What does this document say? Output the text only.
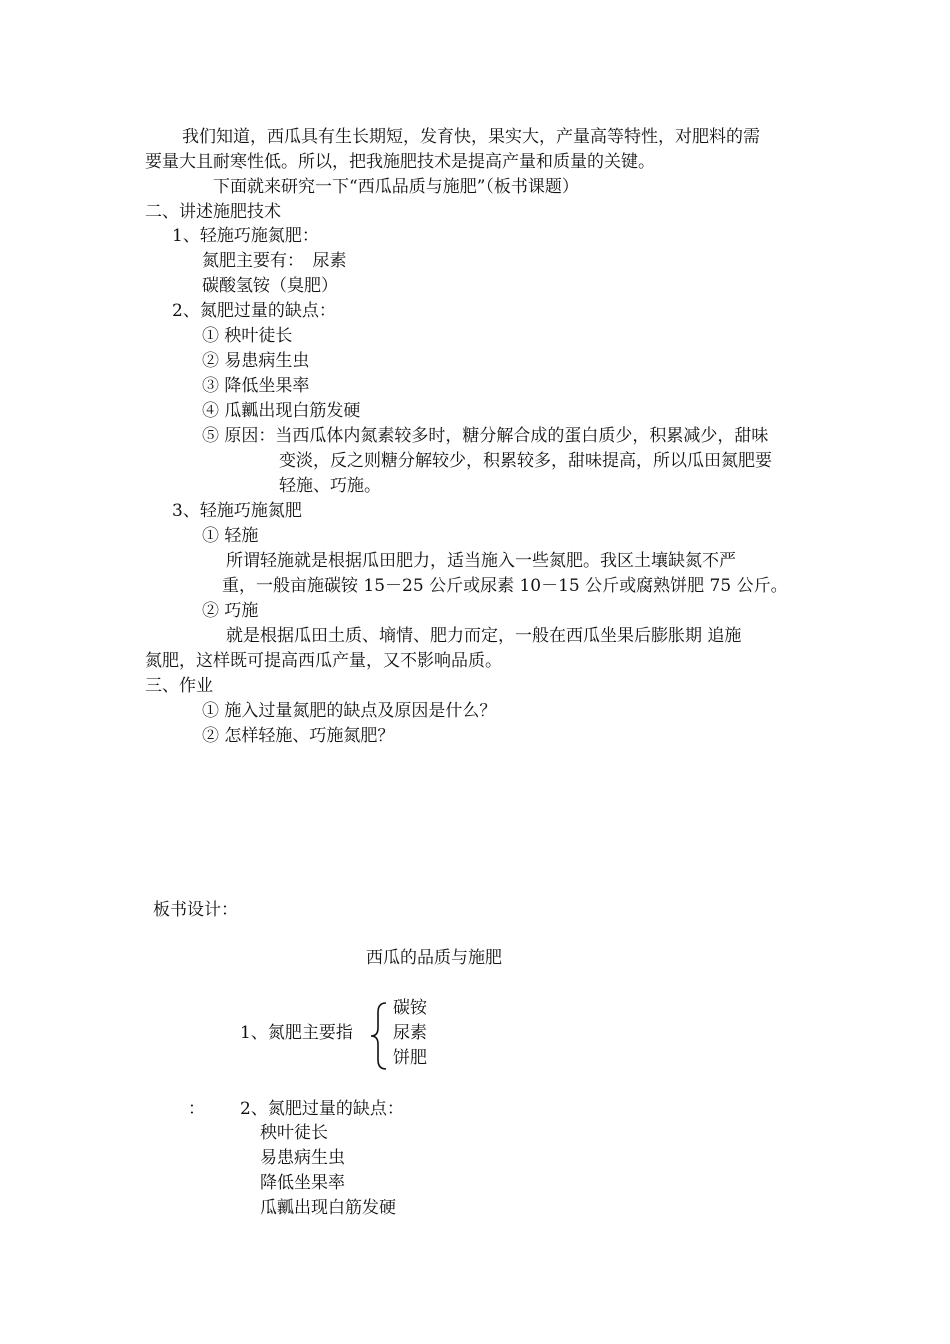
我们知道，西瓜具有生长期短，发育快，果实大，产量高等特性，对肥料的需
要量大且耐寒性低。所以，把我施肥技术是提高产量和质量的关键。
下面就来研究一下“西瓜品质与施肥”（板书课题）
二、讲述施肥技术
1、轻施巧施氮肥：
氮肥主要有：　尿素
碳酸氢铵（臭肥）
2、氮肥过量的缺点：
① 秧叶徒长
② 易患病生虫
③ 降低坐果率
④ 瓜瓤出现白筋发硬
⑤ 原因：当西瓜体内氮素较多时，糖分解合成的蛋白质少，积累减少，甜味
变淡，反之则糖分解较少，积累较多，甜味提高，所以瓜田氮肥要
轻施、巧施。
3、轻施巧施氮肥
① 轻施
所谓轻施就是根据瓜田肥力，适当施入一些氮肥。我区土壤缺氮不严
重，一般亩施碳铵 15－25 公斤或尿素 10－15 公斤或腐熟饼肥 75 公斤。
② 巧施
就是根据瓜田土质、墒情、肥力而定，一般在西瓜坐果后膨胀期 追施
氮肥，这样既可提高西瓜产量，又不影响品质。
三、作业
① 施入过量氮肥的缺点及原因是什么？
② 怎样轻施、巧施氮肥？
板书设计：
西瓜的品质与施肥
1、氮肥主要指
碳铵
尿素
饼肥
： 2、氮肥过量的缺点：
秧叶徒长
易患病生虫
降低坐果率
瓜瓤出现白筋发硬
